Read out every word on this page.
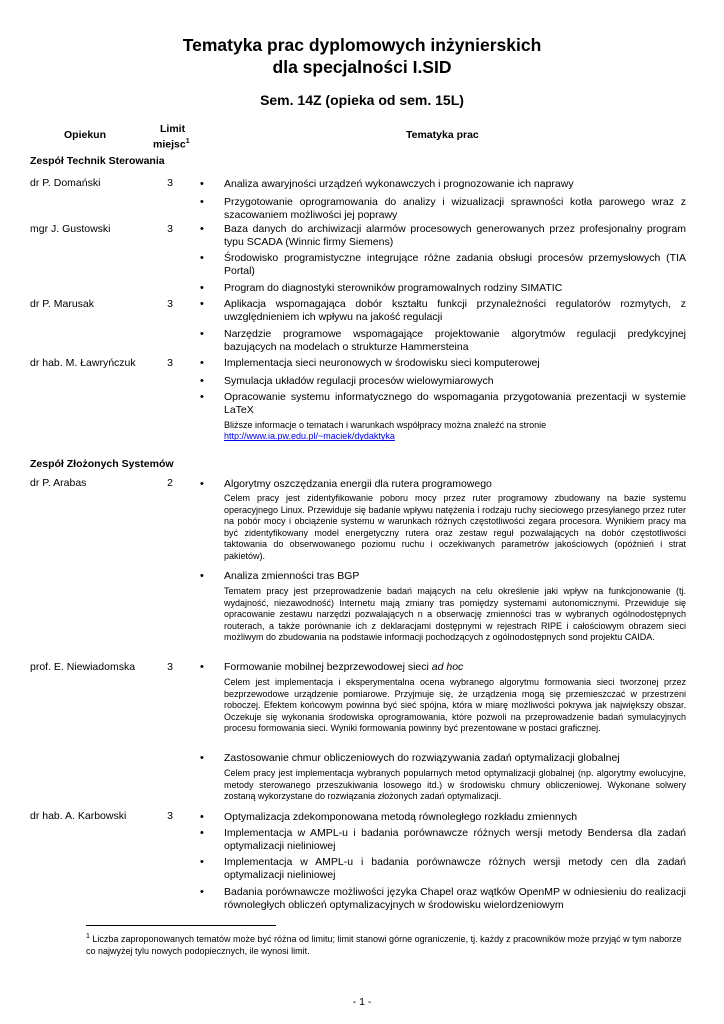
Tematyka prac dyplomowych inżynierskich
dla specjalności I.SID
Sem. 14Z (opieka od sem. 15L)
Opiekun	Limit
miejsc$^1$
Tematyka prac
Zespół Technik Sterowania
dr P. Domański	3	• Analiza awaryjności urządzeń wykonawczych i prognozowanie ich naprawy
• Przygotowanie oprogramowania do analizy i wizualizacji sprawności kotła parowego wraz z szacowaniem możliwości jej poprawy
mgr J. Gustowski	3	• Baza danych do archiwizacji alarmów procesowych generowanych przez profesjonalny program typu SCADA (Winnic firmy Siemens)
• Środowisko programistyczne integrujące różne zadania obsługi procesów przemysłowych (TIA Portal)
• Program do diagnostyki sterowników programowalnych rodziny SIMATIC
dr P. Marusak	3	• Aplikacja wspomagająca dobór kształtu funkcji przynależności regulatorów rozmytych, z uwzględnieniem ich wpływu na jakość regulacji
• Narzędzie programowe wspomagające projektowanie algorytmów regulacji predykcyjnej bazujących na modelach o strukturze Hammersteina
dr hab. M. Ławryńczuk	3	• Implementacja sieci neuronowych w środowisku sieci komputerowej
• Symulacja układów regulacji procesów wielowymiarowych
• Opracowanie systemu informatycznego do wspomagania przygotowania prezentacji w systemie LaTeX
Bliższe informacje o tematach i warunkach współpracy można znaleźć na stronie
http://www.ia.pw.edu.pl/~maciek/dydaktyka
Zespół Złożonych Systemów
dr P. Arabas	2	• Algorytmy oszczędzania energii dla rutera programowego
Celem pracy jest zidentyfikowanie poboru mocy przez ruter programowy zbudowany na bazie systemu operacyjnego Linux. Przewiduje się badanie wpływu natężenia i rodzaju ruchy sieciowego przesyłanego przez ruter na pobór mocy i obciążenie systemu w warunkach różnych częstotliwości zegara procesora. Wynikiem pracy ma być zidentyfikowany model energetyczny rutera oraz zestaw reguł pozwalających na dobór częstotliwości taktowania do obserwowanego poziomu ruchu i oczekiwanych parametrów jakościowych (opóźnień i strat pakietów).
• Analiza zmienności tras BGP
Tematem pracy jest przeprowadzenie badań mających na celu określenie jaki wpływ na funkcjonowanie (tj. wydajność, niezawodność) Internetu mają zmiany tras pomiędzy systemami autonomicznymi. Przewiduje się opracowanie zestawu narzędzi pozwalających n a obserwację zmienności tras w wybranych ogólnodostępnych routerach, a także porównanie ich z deklaracjami dostępnymi w rejestrach RIPE i całościowym obrazem sieci możliwym do zbudowania na podstawie informacji pochodzących z ogólnodostępnych sond projektu CAIDA.
prof. E. Niewiadomska	3	• Formowanie mobilnej bezprzewodowej sieci ad hoc
Celem jest implementacja i eksperymentalna ocena wybranego algorytmu formowania sieci tworzonej przez bezprzewodowe urządzenie pomiarowe. Przyjmuje się, że urządzenia mogą się przemieszczać w przestrzeni roboczej. Efektem końcowym powinna być sieć spójna, która w miarę możliwości pokrywa jak największy obszar. Oczekuje się wykonania środowiska oprogramowania, które pozwoli na przeprowadzenie badań symulacyjnych procesu formowania sieci. Wyniki formowania powinny być prezentowane w postaci graficznej.
• Zastosowanie chmur obliczeniowych do rozwiązywania zadań optymalizacji globalnej
Celem pracy jest implementacja wybranych popularnych metod optymalizacji globalnej (np. algorytmy ewolucyjne, metody sterowanego przeszukiwania losowego itd.) w środowisku chmury obliczeniowej. Wykonane solwery zostaną wykorzystane do rozwiązania złożonych zadań optymalizacji.
dr hab. A. Karbowski	3	• Optymalizacja zdekomponowana metodą równoległego rozkładu zmiennych
• Implementacja w AMPL-u i badania porównawcze różnych wersji metody Bendersa dla zadań optymalizacji nieliniowej
• Implementacja w AMPL-u i badania porównawcze różnych wersji metody cen dla zadań optymalizacji nieliniowej
• Badania porównawcze możliwości języka Chapel oraz wątków OpenMP w odniesieniu do realizacji równoległych obliczeń optymalizacyjnych w środowisku wielordzeniowym
$^1$ Liczba zaproponowanych tematów może być różna od limitu; limit stanowi górne ograniczenie, tj. każdy z pracowników może przyjąć w tym naborze co najwyżej tylu nowych podopiecznych, ile wynosi limit.
- 1 -
